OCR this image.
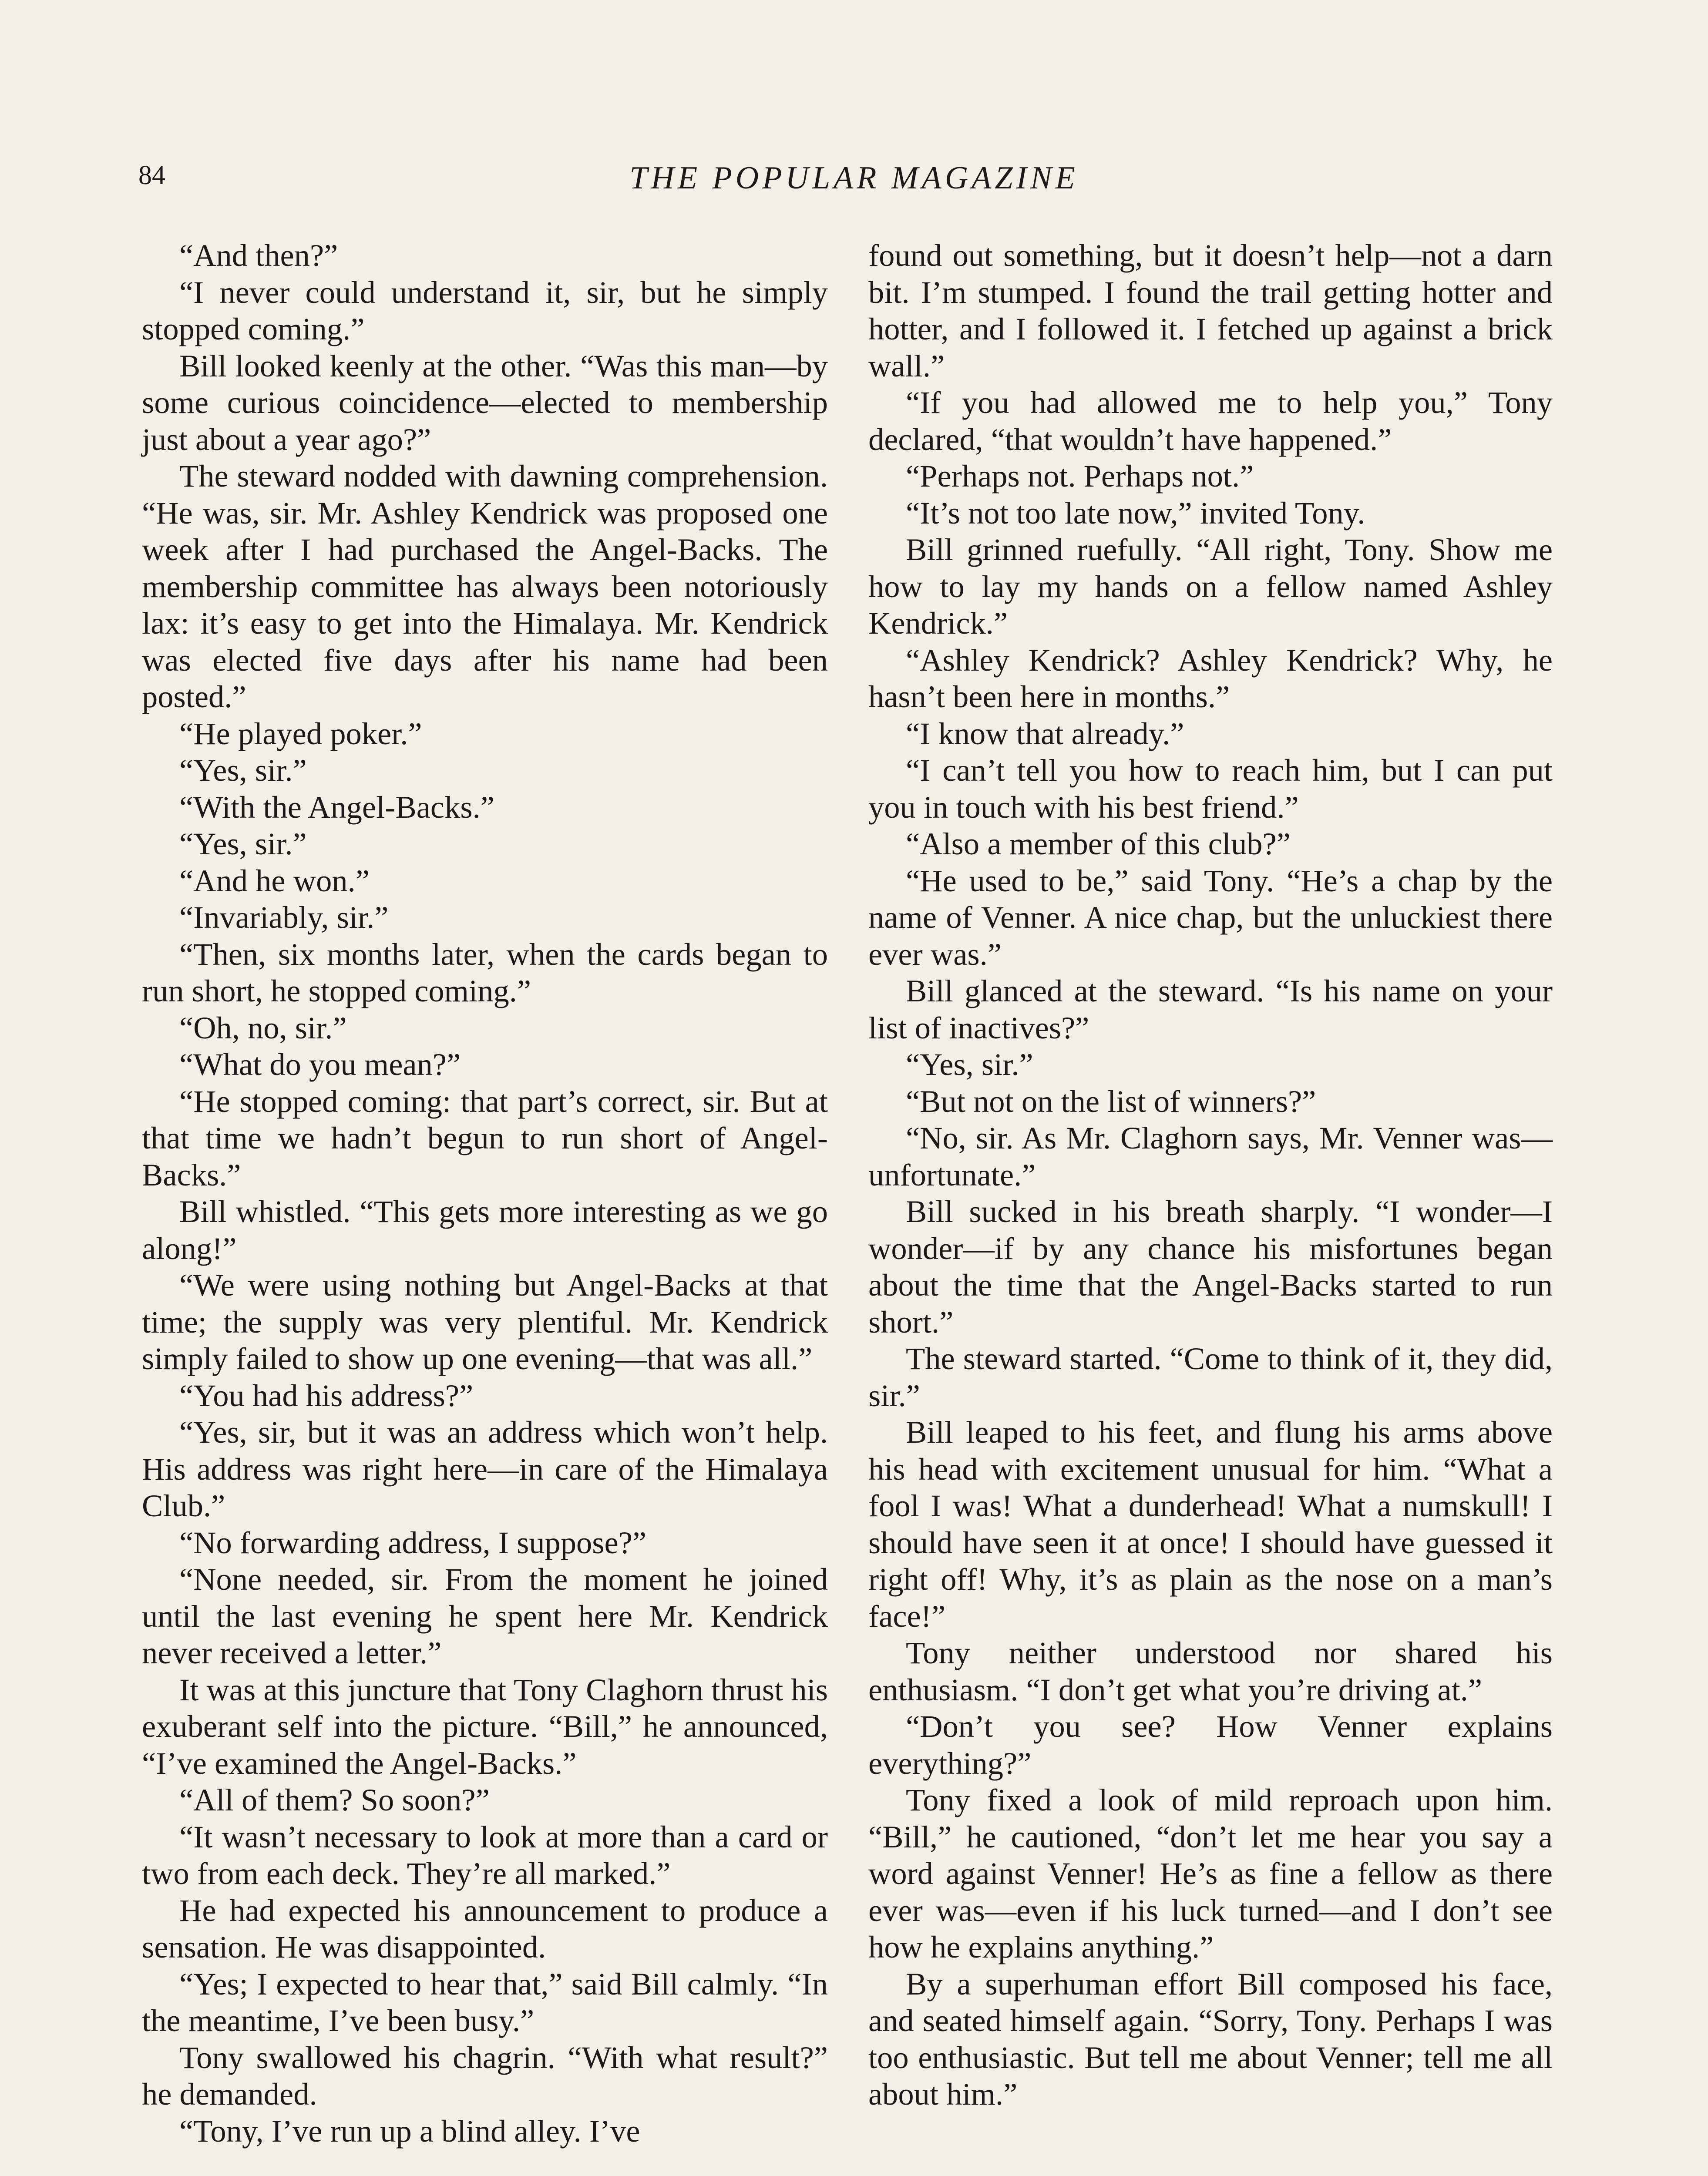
84	THE POPULAR MAGAZINE

“And then?”

“I never could understand it, sir, but he simply stopped coming.”

Bill looked keenly at the other. “Was this man—by some curious coincidence—elected to membership just about a year ago?”

The steward nodded with dawning comprehension. “He was, sir. Mr. Ashley Kendrick was proposed one week after I had purchased the Angel-Backs. The membership committee has always been notoriously lax: it’s easy to get into the Himalaya. Mr. Kendrick was elected five days after his name had been posted.”

“He played poker.”

“Yes, sir.”

“With the Angel-Backs.”

“Yes, sir.”

“And he won.”

“Invariably, sir.”

“Then, six months later, when the cards began to run short, he stopped coming.”

“Oh, no, sir.”

“What do you mean?”

“He stopped coming: that part’s correct, sir. But at that time we hadn’t begun to run short of Angel-Backs.”

Bill whistled. “This gets more interesting as we go along!”

“We were using nothing but Angel-Backs at that time; the supply was very plentiful. Mr. Kendrick simply failed to show up one evening—that was all.”

“You had his address?”

“Yes, sir, but it was an address which won’t help. His address was right here—in care of the Himalaya Club.”

“No forwarding address, I suppose?”

“None needed, sir. From the moment he joined until the last evening he spent here Mr. Kendrick never received a letter.”

It was at this juncture that Tony Claghorn thrust his exuberant self into the picture. “Bill,” he announced, “I’ve examined the Angel-Backs.”

“All of them? So soon?”

“It wasn’t necessary to look at more than a card or two from each deck. They’re all marked.”

He had expected his announcement to produce a sensation. He was disappointed.

“Yes; I expected to hear that,” said Bill calmly. “In the meantime, I’ve been busy.”

Tony swallowed his chagrin. “With what result?” he demanded.

“Tony, I’ve run up a blind alley. I’ve

found out something, but it doesn’t help—not a darn bit. I’m stumped. I found the trail getting hotter and hotter, and I followed it. I fetched up against a brick wall.”

“If you had allowed me to help you,” Tony declared, “that wouldn’t have happened.”

“Perhaps not. Perhaps not.”

“It’s not too late now,” invited Tony.

Bill grinned ruefully. “All right, Tony. Show me how to lay my hands on a fellow named Ashley Kendrick.”

“Ashley Kendrick? Ashley Kendrick? Why, he hasn’t been here in months.”

“I know that already.”

“I can’t tell you how to reach him, but I can put you in touch with his best friend.”

“Also a member of this club?”

“He used to be,” said Tony. “He’s a chap by the name of Venner. A nice chap, but the unluckiest there ever was.”

Bill glanced at the steward. “Is his name on your list of inactives?”

“Yes, sir.”

“But not on the list of winners?”

“No, sir. As Mr. Claghorn says, Mr. Venner was—unfortunate.”

Bill sucked in his breath sharply. “I wonder—I wonder—if by any chance his misfortunes began about the time that the Angel-Backs started to run short.”

The steward started. “Come to think of it, they did, sir.”

Bill leaped to his feet, and flung his arms above his head with excitement unusual for him. “What a fool I was! What a dunderhead! What a numskull! I should have seen it at once! I should have guessed it right off! Why, it’s as plain as the nose on a man’s face!”

Tony neither understood nor shared his enthusiasm. “I don’t get what you’re driving at.”

“Don’t you see? How Venner explains everything?”

Tony fixed a look of mild reproach upon him. “Bill,” he cautioned, “don’t let me hear you say a word against Venner! He’s as fine a fellow as there ever was—even if his luck turned—and I don’t see how he explains anything.”

By a superhuman effort Bill composed his face, and seated himself again. “Sorry, Tony. Perhaps I was too enthusiastic. But tell me about Venner; tell me all about him.”
